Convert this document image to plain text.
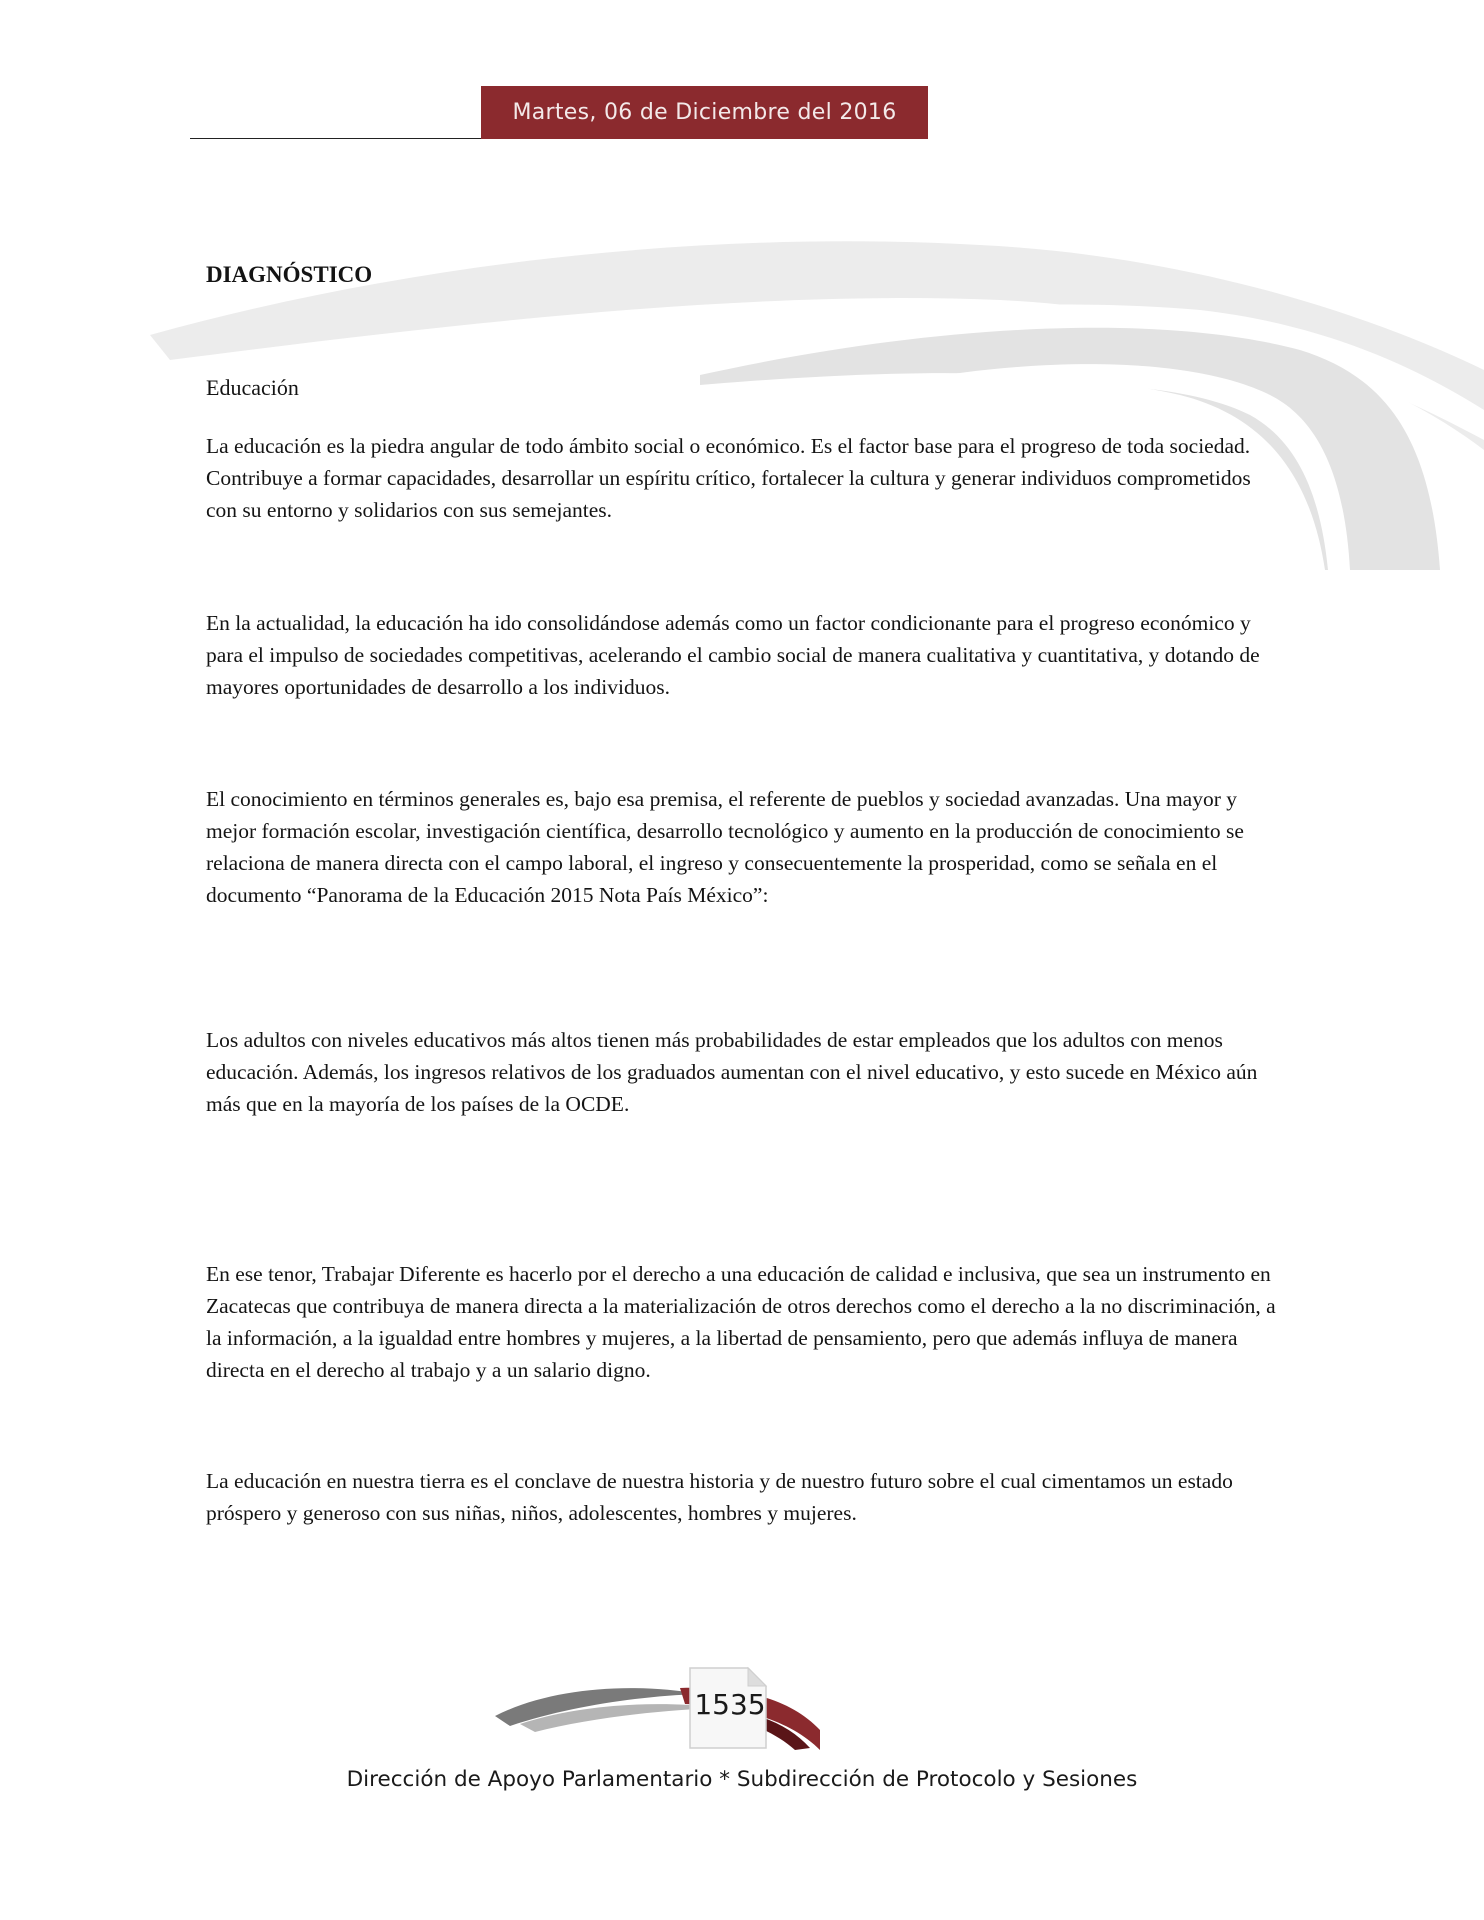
Martes, 06 de Diciembre del 2016
DIAGNÓSTICO
Educación

La educación es la piedra angular de todo ámbito social o económico. Es el factor base para el progreso de toda sociedad. Contribuye a formar capacidades, desarrollar un espíritu crítico, fortalecer la cultura y generar individuos comprometidos con su entorno y solidarios con sus semejantes.

En la actualidad, la educación ha ido consolidándose además como un factor condicionante para el progreso económico y para el impulso de sociedades competitivas, acelerando el cambio social de manera cualitativa y cuantitativa, y dotando de mayores oportunidades de desarrollo a los individuos.

El conocimiento en términos generales es, bajo esa premisa, el referente de pueblos y sociedad avanzadas. Una mayor y mejor formación escolar, investigación científica, desarrollo tecnológico y aumento en la producción de conocimiento se relaciona de manera directa con el campo laboral, el ingreso y consecuentemente la prosperidad, como se señala en el documento “Panorama de la Educación 2015 Nota País México”:

Los adultos con niveles educativos más altos tienen más probabilidades de estar empleados que los adultos con menos educación. Además, los ingresos relativos de los graduados aumentan con el nivel educativo, y esto sucede en México aún más que en la mayoría de los países de la OCDE.

En ese tenor, Trabajar Diferente es hacerlo por el derecho a una educación de calidad e inclusiva, que sea un instrumento en Zacatecas que contribuya de manera directa a la materialización de otros derechos como el derecho a la no discriminación, a la información, a la igualdad entre hombres y mujeres, a la libertad de pensamiento, pero que además influya de manera directa en el derecho al trabajo y a un salario digno.

La educación en nuestra tierra es el conclave de nuestra historia y de nuestro futuro sobre el cual cimentamos un estado próspero y generoso con sus niñas, niños, adolescentes, hombres y mujeres.

1535
Dirección de Apoyo Parlamentario * Subdirección de Protocolo y Sesiones
